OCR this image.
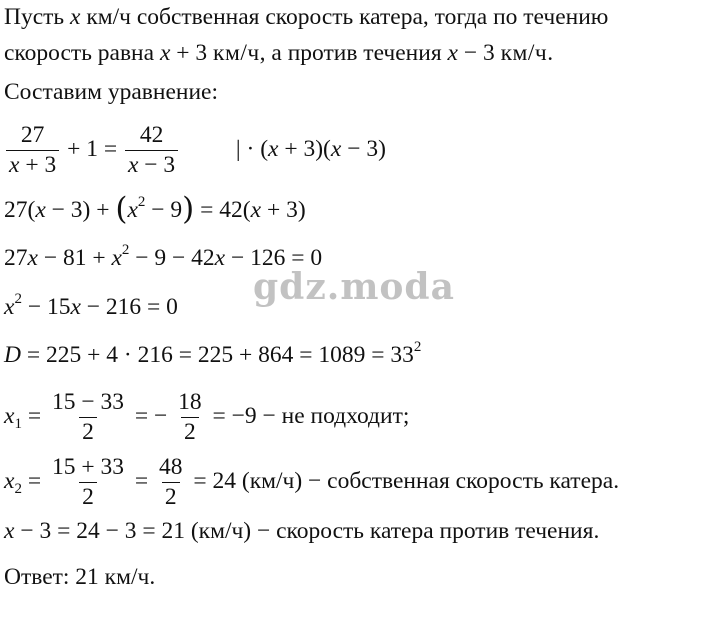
Пусть x км/ч собственная скорость катера, тогда по течению
скорость равна x + 3 км/ч, а против течения x − 3 км/ч.
Составим уравнение:
$\frac{27}{x + 3} + 1 = \frac{42}{x - 3}$ | · (x + 3)(x − 3)
$27(x - 3) + (x^2 - 9) = 42(x + 3)$
$27x - 81 + x^2 - 9 - 42x - 126 = 0$
$x^2 - 15x - 216 = 0$
$D = 225 + 4 \cdot 216 = 225 + 864 = 1089 = 33^2$
$x_1 = \frac{15 - 33}{2}$ = − $\frac{18}{2} = -9$ − не подходит;
$x_2 = \frac{15 + 33}{2} = \frac{48}{2} = 24$ (км/ч) − собственная скорость катера.
x − 3 = 24 − 3 = 21 (км/ч) − скорость катера против течения.
Ответ: 21 км/ч.
gdz.moda
